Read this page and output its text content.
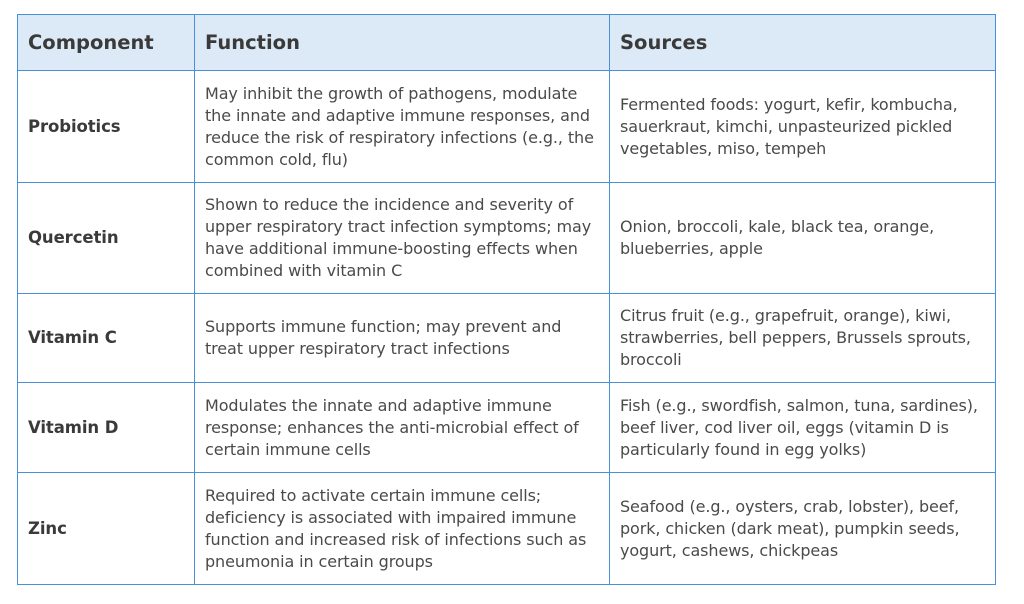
Component	Function	Sources
Probiotics	May inhibit the growth of pathogens, modulate the innate and adaptive immune responses, and reduce the risk of respiratory infections (e.g., the common cold, flu)	Fermented foods: yogurt, kefir, kombucha, sauerkraut, kimchi, unpasteurized pickled vegetables, miso, tempeh
Quercetin	Shown to reduce the incidence and severity of upper respiratory tract infection symptoms; may have additional immune-boosting effects when combined with vitamin C	Onion, broccoli, kale, black tea, orange, blueberries, apple
Vitamin C	Supports immune function; may prevent and treat upper respiratory tract infections	Citrus fruit (e.g., grapefruit, orange), kiwi, strawberries, bell peppers, Brussels sprouts, broccoli
Vitamin D	Modulates the innate and adaptive immune response; enhances the anti-microbial effect of certain immune cells	Fish (e.g., swordfish, salmon, tuna, sardines), beef liver, cod liver oil, eggs (vitamin D is particularly found in egg yolks)
Zinc	Required to activate certain immune cells; deficiency is associated with impaired immune function and increased risk of infections such as pneumonia in certain groups	Seafood (e.g., oysters, crab, lobster), beef, pork, chicken (dark meat), pumpkin seeds, yogurt, cashews, chickpeas
